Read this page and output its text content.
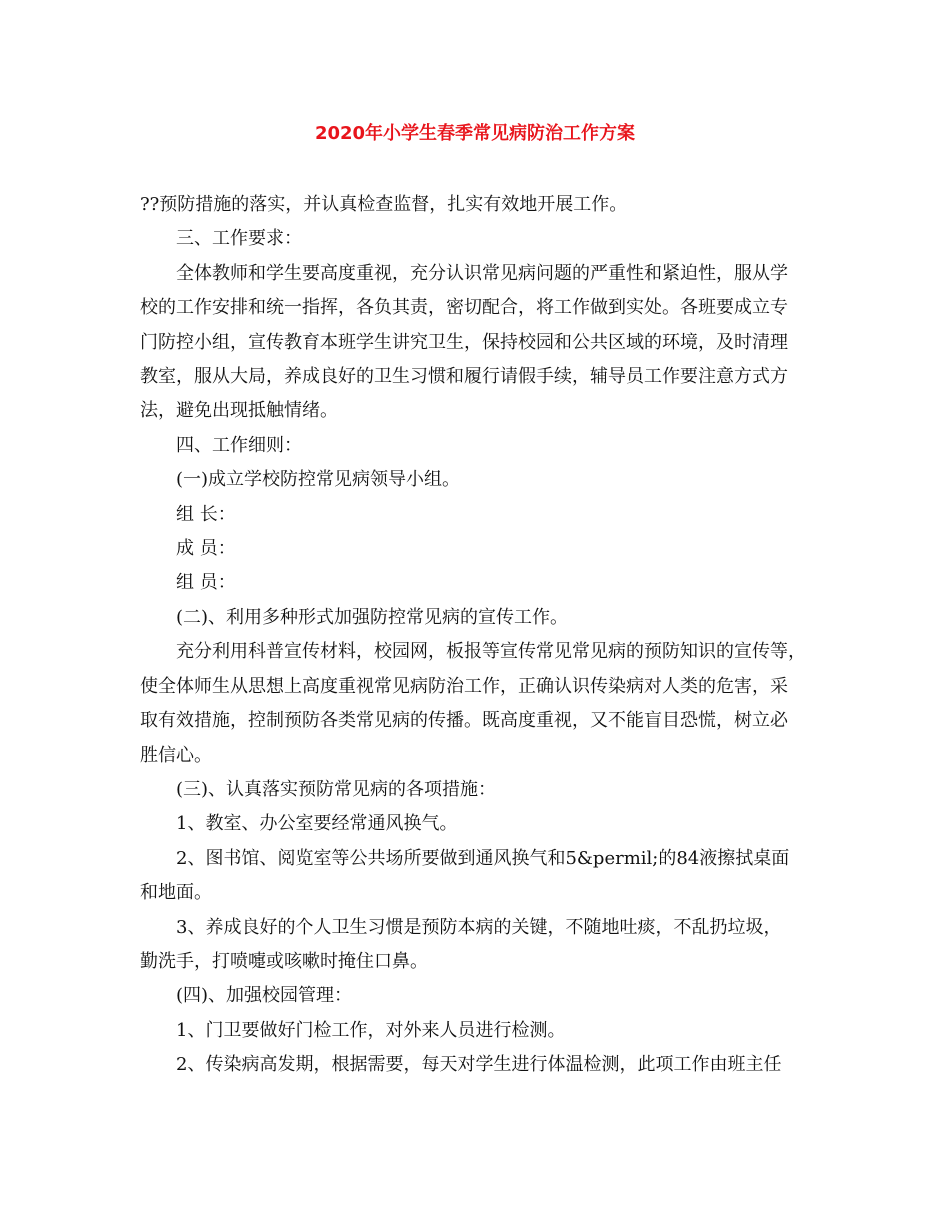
2020年小学生春季常见病防治工作方案

??预防措施的落实，并认真检查监督，扎实有效地开展工作。

三、工作要求：

全体教师和学生要高度重视，充分认识常见病问题的严重性和紧迫性，服从学

校的工作安排和统一指挥，各负其责，密切配合，将工作做到实处。各班要成立专

门防控小组，宣传教育本班学生讲究卫生，保持校园和公共区域的环境，及时清理

教室，服从大局，养成良好的卫生习惯和履行请假手续，辅导员工作要注意方式方

法，避免出现抵触情绪。

四、工作细则：

(一)成立学校防控常见病领导小组。

组 长：

成 员：

组 员：

(二)、利用多种形式加强防控常见病的宣传工作。

充分利用科普宣传材料，校园网，板报等宣传常见常见病的预防知识的宣传等，

使全体师生从思想上高度重视常见病防治工作，正确认识传染病对人类的危害，采

取有效措施，控制预防各类常见病的传播。既高度重视，又不能盲目恐慌，树立必

胜信心。

(三)、认真落实预防常见病的各项措施：

1、教室、办公室要经常通风换气。

2、图书馆、阅览室等公共场所要做到通风换气和5&permil;的84液擦拭桌面

和地面。

3、养成良好的个人卫生习惯是预防本病的关键，不随地吐痰，不乱扔垃圾，

勤洗手，打喷嚏或咳嗽时掩住口鼻。

(四)、加强校园管理：

1、门卫要做好门检工作，对外来人员进行检测。

2、传染病高发期，根据需要，每天对学生进行体温检测，此项工作由班主任
